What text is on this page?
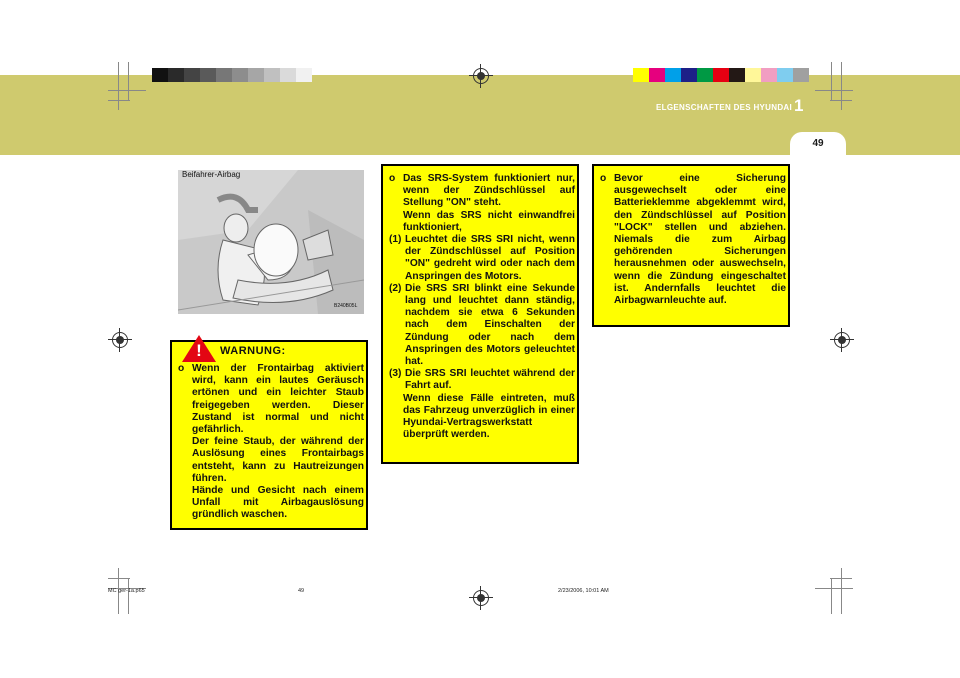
ELGENSCHAFTEN DES HYUNDAI 1
49
Beifahrer-Airbag
B240B05L
o Wenn der Frontairbag aktiviert wird, kann ein lautes Geräusch ertönen und ein leichter Staub freigegeben werden. Dieser Zustand ist normal und nicht gefährlich.

Der feine Staub, der während der Auslösung eines Frontairbags entsteht, kann zu Hautreizungen führen.

Hände und Gesicht nach einem Unfall mit Airbagauslösung gründlich waschen.

!	WARNUNG:
o Das SRS-System funktioniert nur, wenn der Zündschlüssel auf Stellung "ON" steht.

Wenn das SRS nicht einwandfrei funktioniert,

(1) Leuchtet die SRS SRI nicht, wenn der Zündschlüssel auf Position "ON" gedreht wird oder nach dem Anspringen des Motors.

(2) Die SRS SRI blinkt eine Sekunde lang und leuchtet dann ständig, nachdem sie etwa 6 Sekunden nach dem Einschalten der Zündung oder nach dem Anspringen des Motors geleuchtet hat.

(3) Die SRS SRI leuchtet während der Fahrt auf.

Wenn diese Fälle eintreten, muß das Fahrzeug unverzüglich in einer Hyundai-Vertragswerkstatt überprüft werden.

o Bevor eine Sicherung ausgewechselt oder eine Batterieklemme abgeklemmt wird, den Zündschlüssel auf Position "LOCK" stellen und abziehen. Niemals die zum Airbag gehörenden Sicherungen herausnehmen oder auswechseln, wenn die Zündung eingeschaltet ist. Andernfalls leuchtet die Airbagwarnleuchte auf.

MC ger-1a.p65	49	2/23/2006, 10:01 AM
